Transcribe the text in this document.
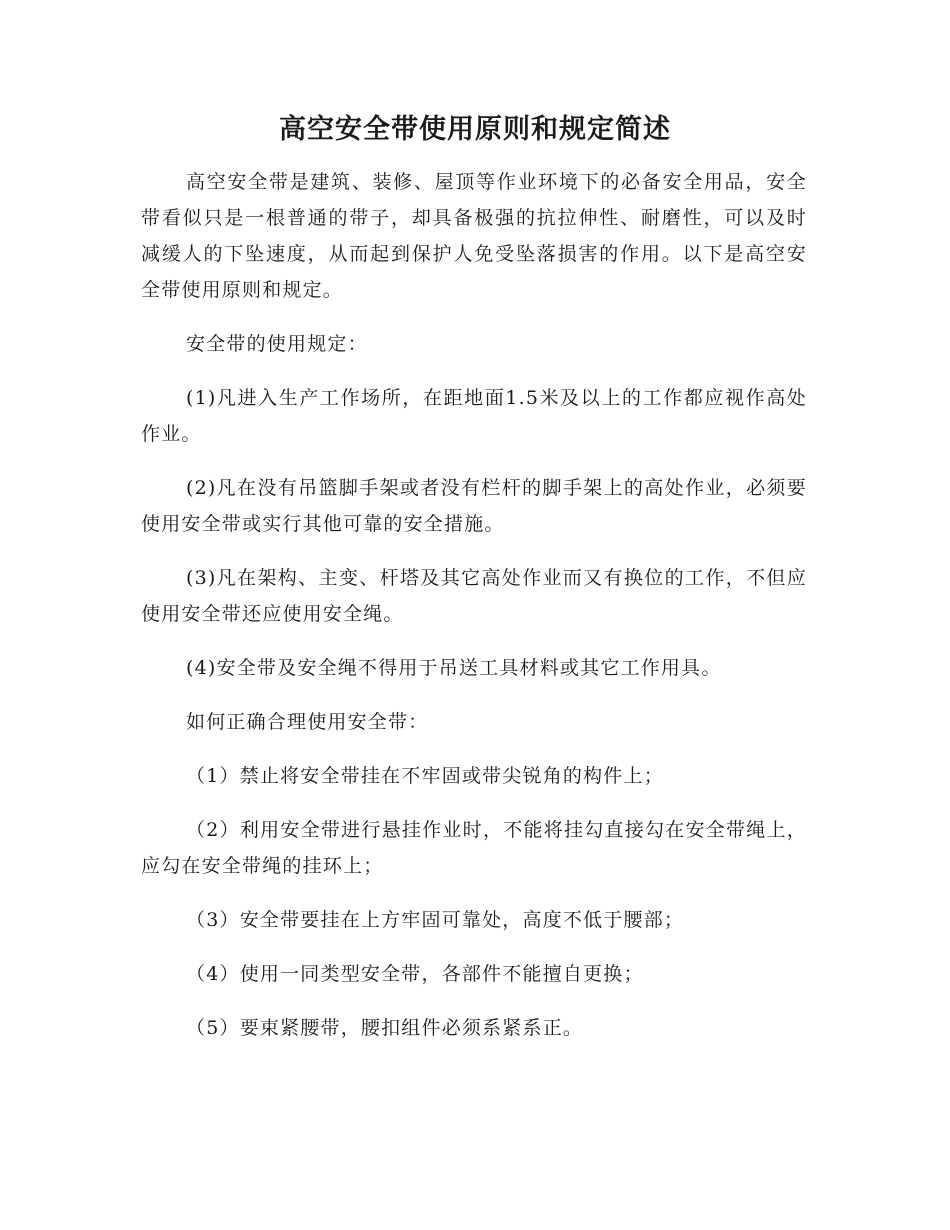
高空安全带使用原则和规定简述

高空安全带是建筑、装修、屋顶等作业环境下的必备安全用品，安全带看似只是一根普通的带子，却具备极强的抗拉伸性、耐磨性，可以及时减缓人的下坠速度，从而起到保护人免受坠落损害的作用。以下是高空安全带使用原则和规定。

安全带的使用规定：

(1)凡进入生产工作场所，在距地面1.5米及以上的工作都应视作高处作业。

(2)凡在没有吊篮脚手架或者没有栏杆的脚手架上的高处作业，必须要使用安全带或实行其他可靠的安全措施。

(3)凡在架构、主变、杆塔及其它高处作业而又有换位的工作，不但应使用安全带还应使用安全绳。

(4)安全带及安全绳不得用于吊送工具材料或其它工作用具。

如何正确合理使用安全带：

（1）禁止将安全带挂在不牢固或带尖锐角的构件上；

（2）利用安全带进行悬挂作业时，不能将挂勾直接勾在安全带绳上，应勾在安全带绳的挂环上；

（3）安全带要挂在上方牢固可靠处，高度不低于腰部；

（4）使用一同类型安全带，各部件不能擅自更换；

（5）要束紧腰带，腰扣组件必须系紧系正。
